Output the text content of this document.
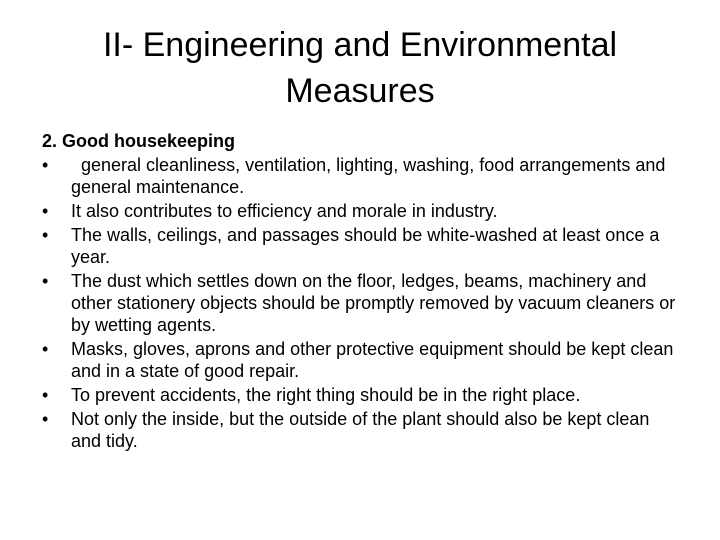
II- Engineering and Environmental
Measures
2. Good housekeeping
•	general cleanliness, ventilation, lighting, washing, food arrangements and general maintenance.
•	It also contributes to efficiency and morale in industry.
•	The walls, ceilings, and passages should be white-washed at least once a year.
•	The dust which settles down on the floor, ledges, beams, machinery and other stationery objects should be promptly removed by vacuum cleaners or by wetting agents.
•	Masks, gloves, aprons and other protective equipment should be kept clean and in a state of good repair.
•	To prevent accidents, the right thing should be in the right place.
•	Not only the inside, but the outside of the plant should also be kept clean and tidy.
